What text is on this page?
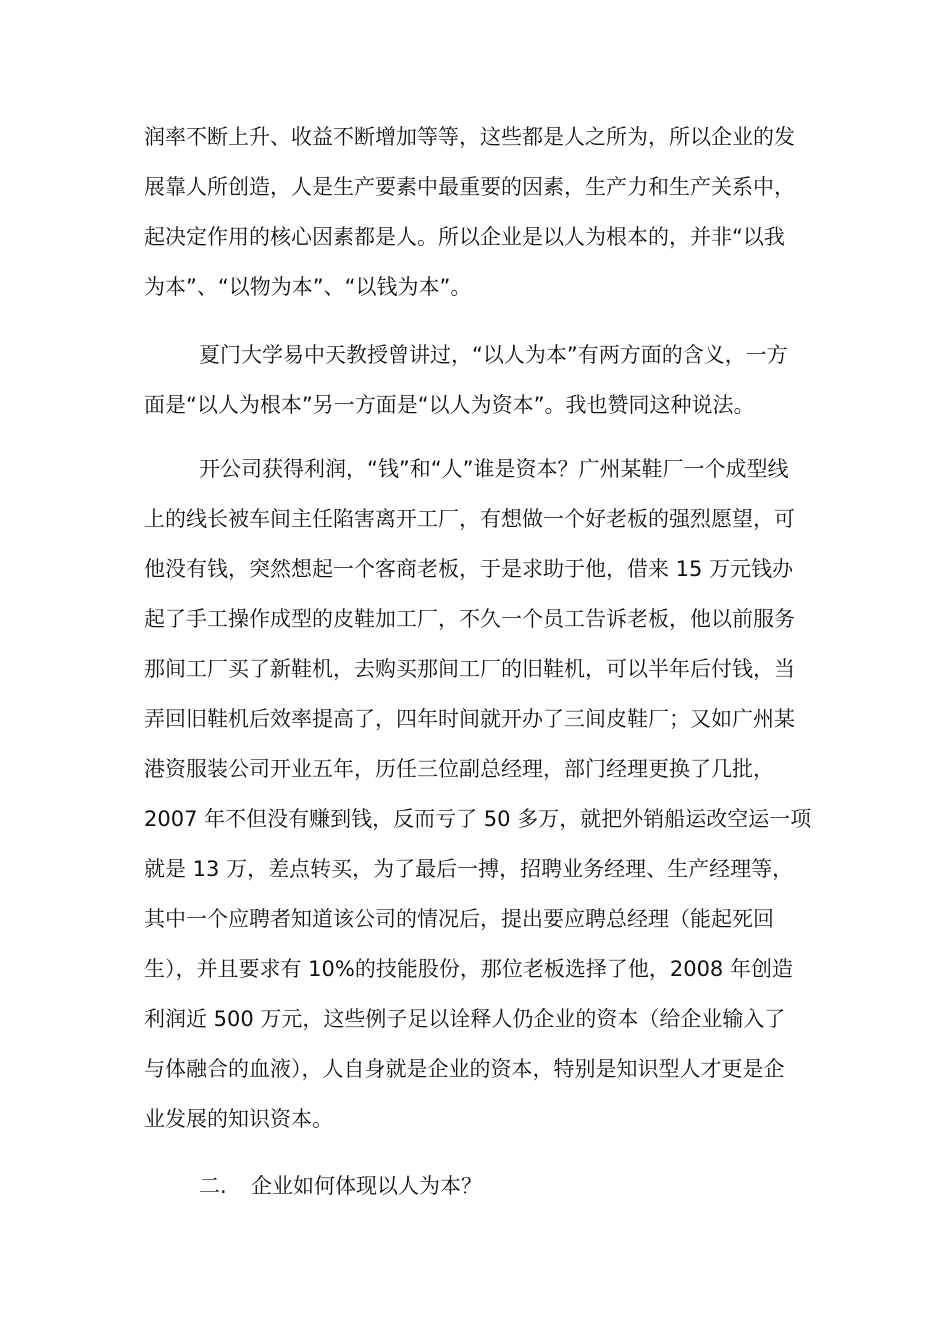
润率不断上升、收益不断增加等等，这些都是人之所为，所以企业的发
展靠人所创造，人是生产要素中最重要的因素，生产力和生产关系中，
起决定作用的核心因素都是人。所以企业是以人为根本的，并非“以我
为本”、“以物为本”、“以钱为本”。
夏门大学易中天教授曾讲过，“以人为本”有两方面的含义，一方
面是“以人为根本”另一方面是“以人为资本”。我也赞同这种说法。
开公司获得利润，“钱”和“人”谁是资本？广州某鞋厂一个成型线
上的线长被车间主任陷害离开工厂，有想做一个好老板的强烈愿望，可
他没有钱，突然想起一个客商老板，于是求助于他，借来 15 万元钱办
起了手工操作成型的皮鞋加工厂，不久一个员工告诉老板，他以前服务
那间工厂买了新鞋机，去购买那间工厂的旧鞋机，可以半年后付钱，当
弄回旧鞋机后效率提高了，四年时间就开办了三间皮鞋厂；又如广州某
港资服装公司开业五年，历任三位副总经理，部门经理更换了几批，
2007 年不但没有赚到钱，反而亏了 50 多万，就把外销船运改空运一项
就是 13 万，差点转买，为了最后一搏，招聘业务经理、生产经理等，
其中一个应聘者知道该公司的情况后，提出要应聘总经理（能起死回
生），并且要求有 10%的技能股份，那位老板选择了他，2008 年创造
利润近 500 万元，这些例子足以诠释人仍企业的资本（给企业输入了
与体融合的血液），人自身就是企业的资本，特别是知识型人才更是企
业发展的知识资本。
二. 企业如何体现以人为本？
